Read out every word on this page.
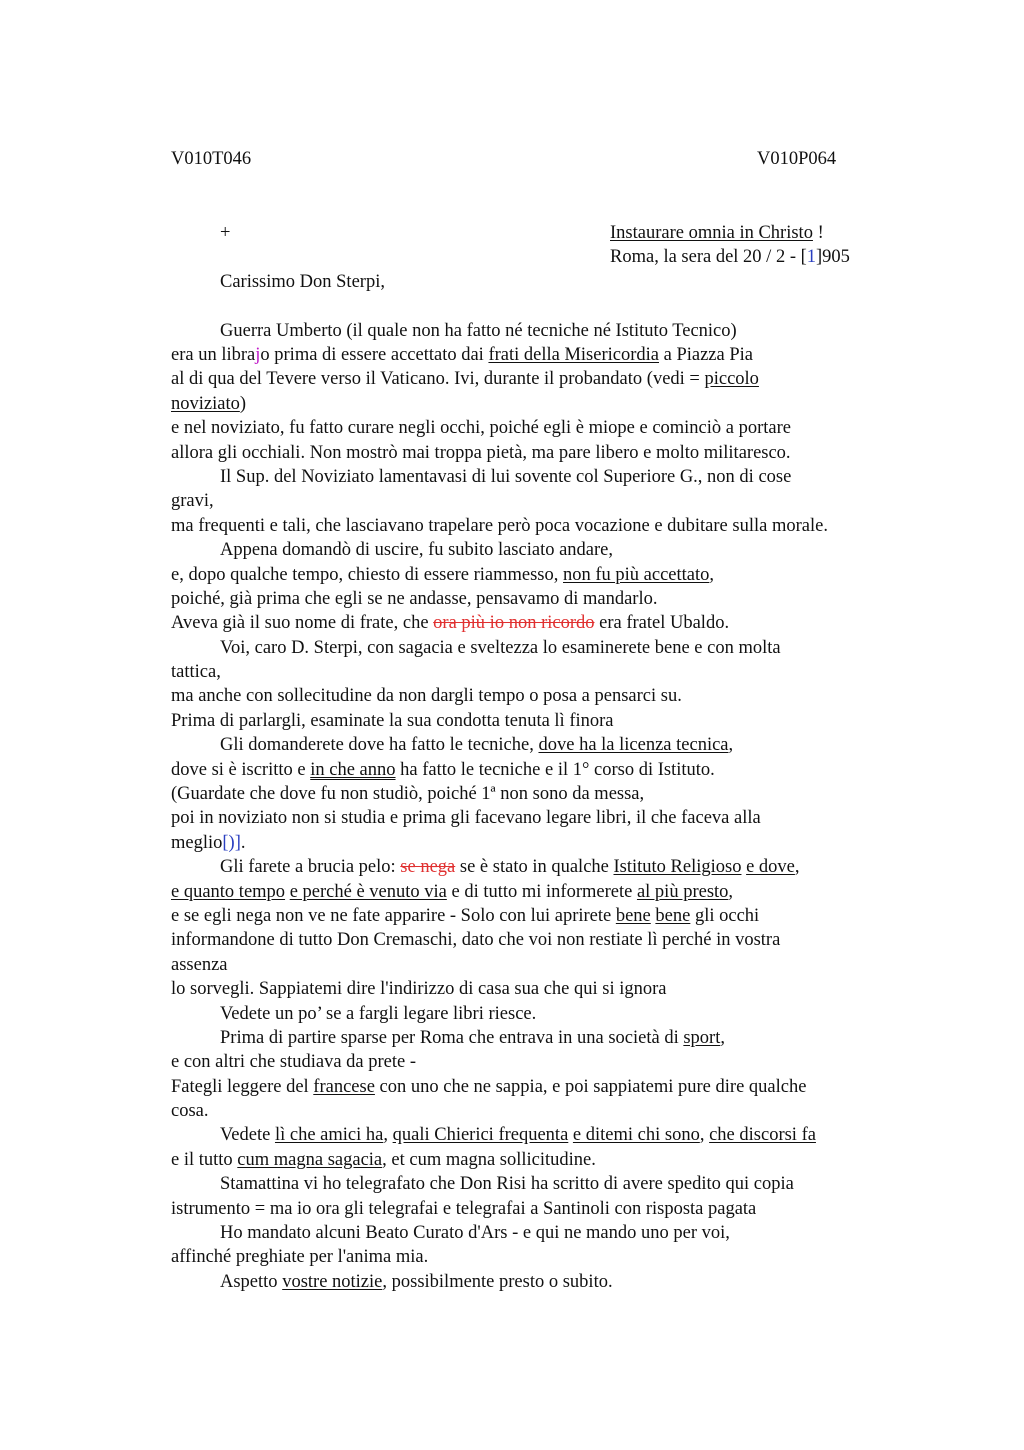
V010T046	V010P064
+	Instaurare omnia in Christo !
Roma, la sera del 20 / 2 - [1]905
Carissimo Don Sterpi,
Guerra Umberto (il quale non ha fatto né tecniche né Istituto Tecnico)
era un librajo prima di essere accettato dai frati della Misericordia a Piazza Pia
al di qua del Tevere verso il Vaticano. Ivi, durante il probandato (vedi = piccolo
noviziato)
e nel noviziato, fu fatto curare negli occhi, poiché egli è miope e cominciò a portare
allora gli occhiali. Non mostrò mai troppa pietà, ma pare libero e molto militaresco.
Il Sup. del Noviziato lamentavasi di lui sovente col Superiore G., non di cose
gravi,
ma frequenti e tali, che lasciavano trapelare però poca vocazione e dubitare sulla morale.
Appena domandò di uscire, fu subito lasciato andare,
e, dopo qualche tempo, chiesto di essere riammesso, non fu più accettato,
poiché, già prima che egli se ne andasse, pensavamo di mandarlo.
Aveva già il suo nome di frate, che ora più io non ricordo era fratel Ubaldo.
Voi, caro D. Sterpi, con sagacia e sveltezza lo esaminerete bene e con molta
tattica,
ma anche con sollecitudine da non dargli tempo o posa a pensarci su.
Prima di parlargli, esaminate la sua condotta tenuta lì finora
Gli domanderete dove ha fatto le tecniche, dove ha la licenza tecnica,
dove si è iscritto e in che anno ha fatto le tecniche e il 1° corso di Istituto.
(Guardate che dove fu non studiò, poiché 1ª non sono da messa,
poi in noviziato non si studia e prima gli facevano legare libri, il che faceva alla
meglio[)].
Gli farete a brucia pelo: se nega se è stato in qualche Istituto Religioso e dove,
e quanto tempo e perché è venuto via e di tutto mi informerete al più presto,
e se egli nega non ve ne fate apparire - Solo con lui aprirete bene bene gli occhi
informandone di tutto Don Cremaschi, dato che voi non restiate lì perché in vostra
assenza
lo sorvegli. Sappiatemi dire l'indirizzo di casa sua che qui si ignora
Vedete un po’ se a fargli legare libri riesce.
Prima di partire sparse per Roma che entrava in una società di sport,
e con altri che studiava da prete -
Fategli leggere del francese con uno che ne sappia, e poi sappiatemi pure dire qualche
cosa.
Vedete lì che amici ha, quali Chierici frequenta e ditemi chi sono, che discorsi fa
e il tutto cum magna sagacia, et cum magna sollicitudine.
Stamattina vi ho telegrafato che Don Risi ha scritto di avere spedito qui copia
istrumento = ma io ora gli telegrafai e telegrafai a Santinoli con risposta pagata
Ho mandato alcuni Beato Curato d'Ars - e qui ne mando uno per voi,
affinché preghiate per l'anima mia.
Aspetto vostre notizie, possibilmente presto o subito.
